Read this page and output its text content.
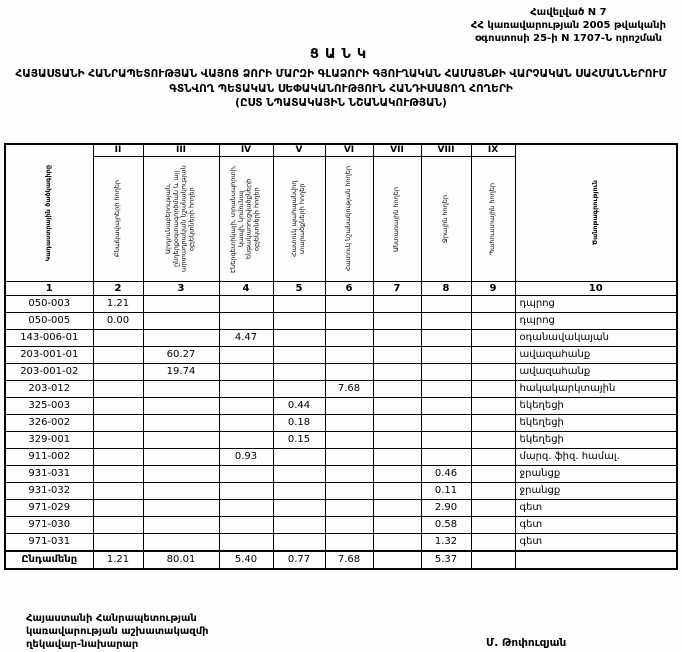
Հավելված N 7
ՀՀ կառավարության 2005 թվականի
օգոստոսի 25-ի N 1707-Ն որոշման
ՑԱՆԿ
ՀԱՅԱՍՏԱՆԻ ՀԱՆՐԱՊԵՏՈՒԹՅԱՆ ՎԱՅՈՑ ՁՈՐԻ ՄԱՐԶԻ ԳԼԱՁՈՐԻ ԳՅՈՒՂԱԿԱՆ ՀԱՄԱՅՆՔԻ ՎԱՐՉԱԿԱՆ ՍԱՀՄԱՆՆԵՐՈՒՄ ԳՏՆՎՈՂ ՊԵՏԱԿԱՆ ՍԵՓԱԿԱՆՈՒԹՅՈՒՆ ՀԱՆԴԻՍԱՑՈՂ ՀՈՂԵՐԻ
(ԸՍՏ ՆՊԱՏԱԿԱՅԻՆ ՆՇԱՆԱԿՈՒԹՅԱՆ)
Կադաստրային ծածկագիրը	II	III	IV	V	VI	VII	VIII	IX	Ծանոթագրություն

	Բնակավայրերի հողեր	Արդյունաբերության, ընդերքօգտագործման և այլ արտադրական նշանակության օբյեկտների հողեր	Էներգետիկայի, տրանսպորտի, կապի, կոմունալ ենթակառուցվածքների օբյեկտների հողեր	Հատուկ պահպանվող տարածքների հողեր	Հատուկ նշանակության հողեր	Անտառային հողեր	Ջրային հողեր	Պահուստային հողեր	

1	2	3	4	5	6	7	8	9	10
050-003	1.21								դպրոց
050-005	0.00								դպրոց
143-006-01			4.47						օդանավակայան
203-001-01		60.27							ավազահանք
203-001-02		19.74							ավազահանք
203-012					7.68				հակակարկտային
325-003				0.44					եկեղեցի
326-002				0.18					եկեղեցի
329-001				0.15					եկեղեցի
911-002			0.93						մարզ. ֆիզ. համալ.
931-031							0.46		ջրանցք
931-032							0.11		ջրանցք
971-029							2.90		գետ
971-030							0.58		գետ
971-031							1.32		գետ
Ընդամենը	1.21	80.01	5.40	0.77	7.68		5.37		
Հայաստանի Հանրապետության
կառավարության աշխատակազմի
ղեկավար-նախարար	Մ. Թոփուզյան
